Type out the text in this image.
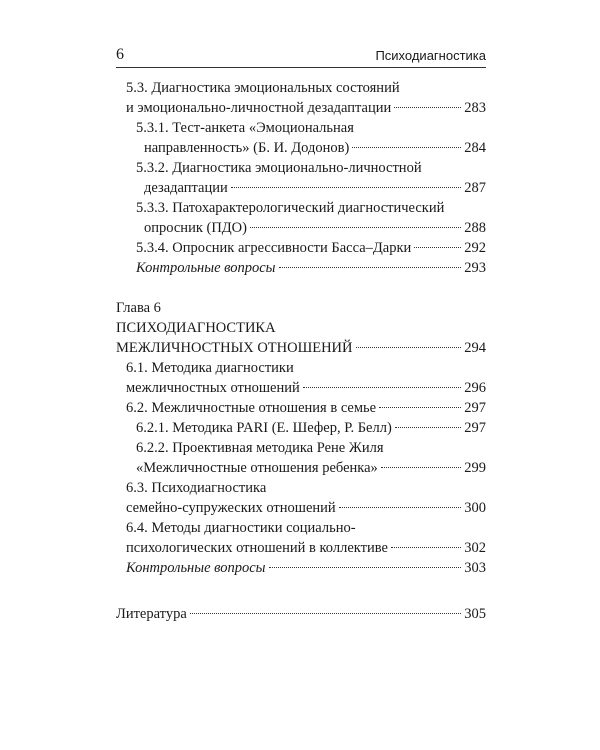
6	Психодиагностика
5.3. Диагностика эмоциональных состояний
и эмоционально-личностной дезадаптации	283
5.3.1. Тест-анкета «Эмоциональная
направленность» (Б. И. Додонов)	284
5.3.2. Диагностика эмоционально-личностной
дезадаптации	287
5.3.3. Патохарактерологический диагностический
опросник (ПДО)	288
5.3.4. Опросник агрессивности Басса–Дарки	292
Контрольные вопросы	293
Глава 6
ПСИХОДИАГНОСТИКА
МЕЖЛИЧНОСТНЫХ ОТНОШЕНИЙ	294
6.1. Методика диагностики
межличностных отношений	296
6.2. Межличностные отношения в семье	297
6.2.1. Методика PARI (Е. Шефер, Р. Белл)	297
6.2.2. Проективная методика Рене Жиля
«Межличностные отношения ребенка»	299
6.3. Психодиагностика
семейно-супружеских отношений	300
6.4. Методы диагностики социально-
психологических отношений в коллективе	302
Контрольные вопросы	303
Литература	305
